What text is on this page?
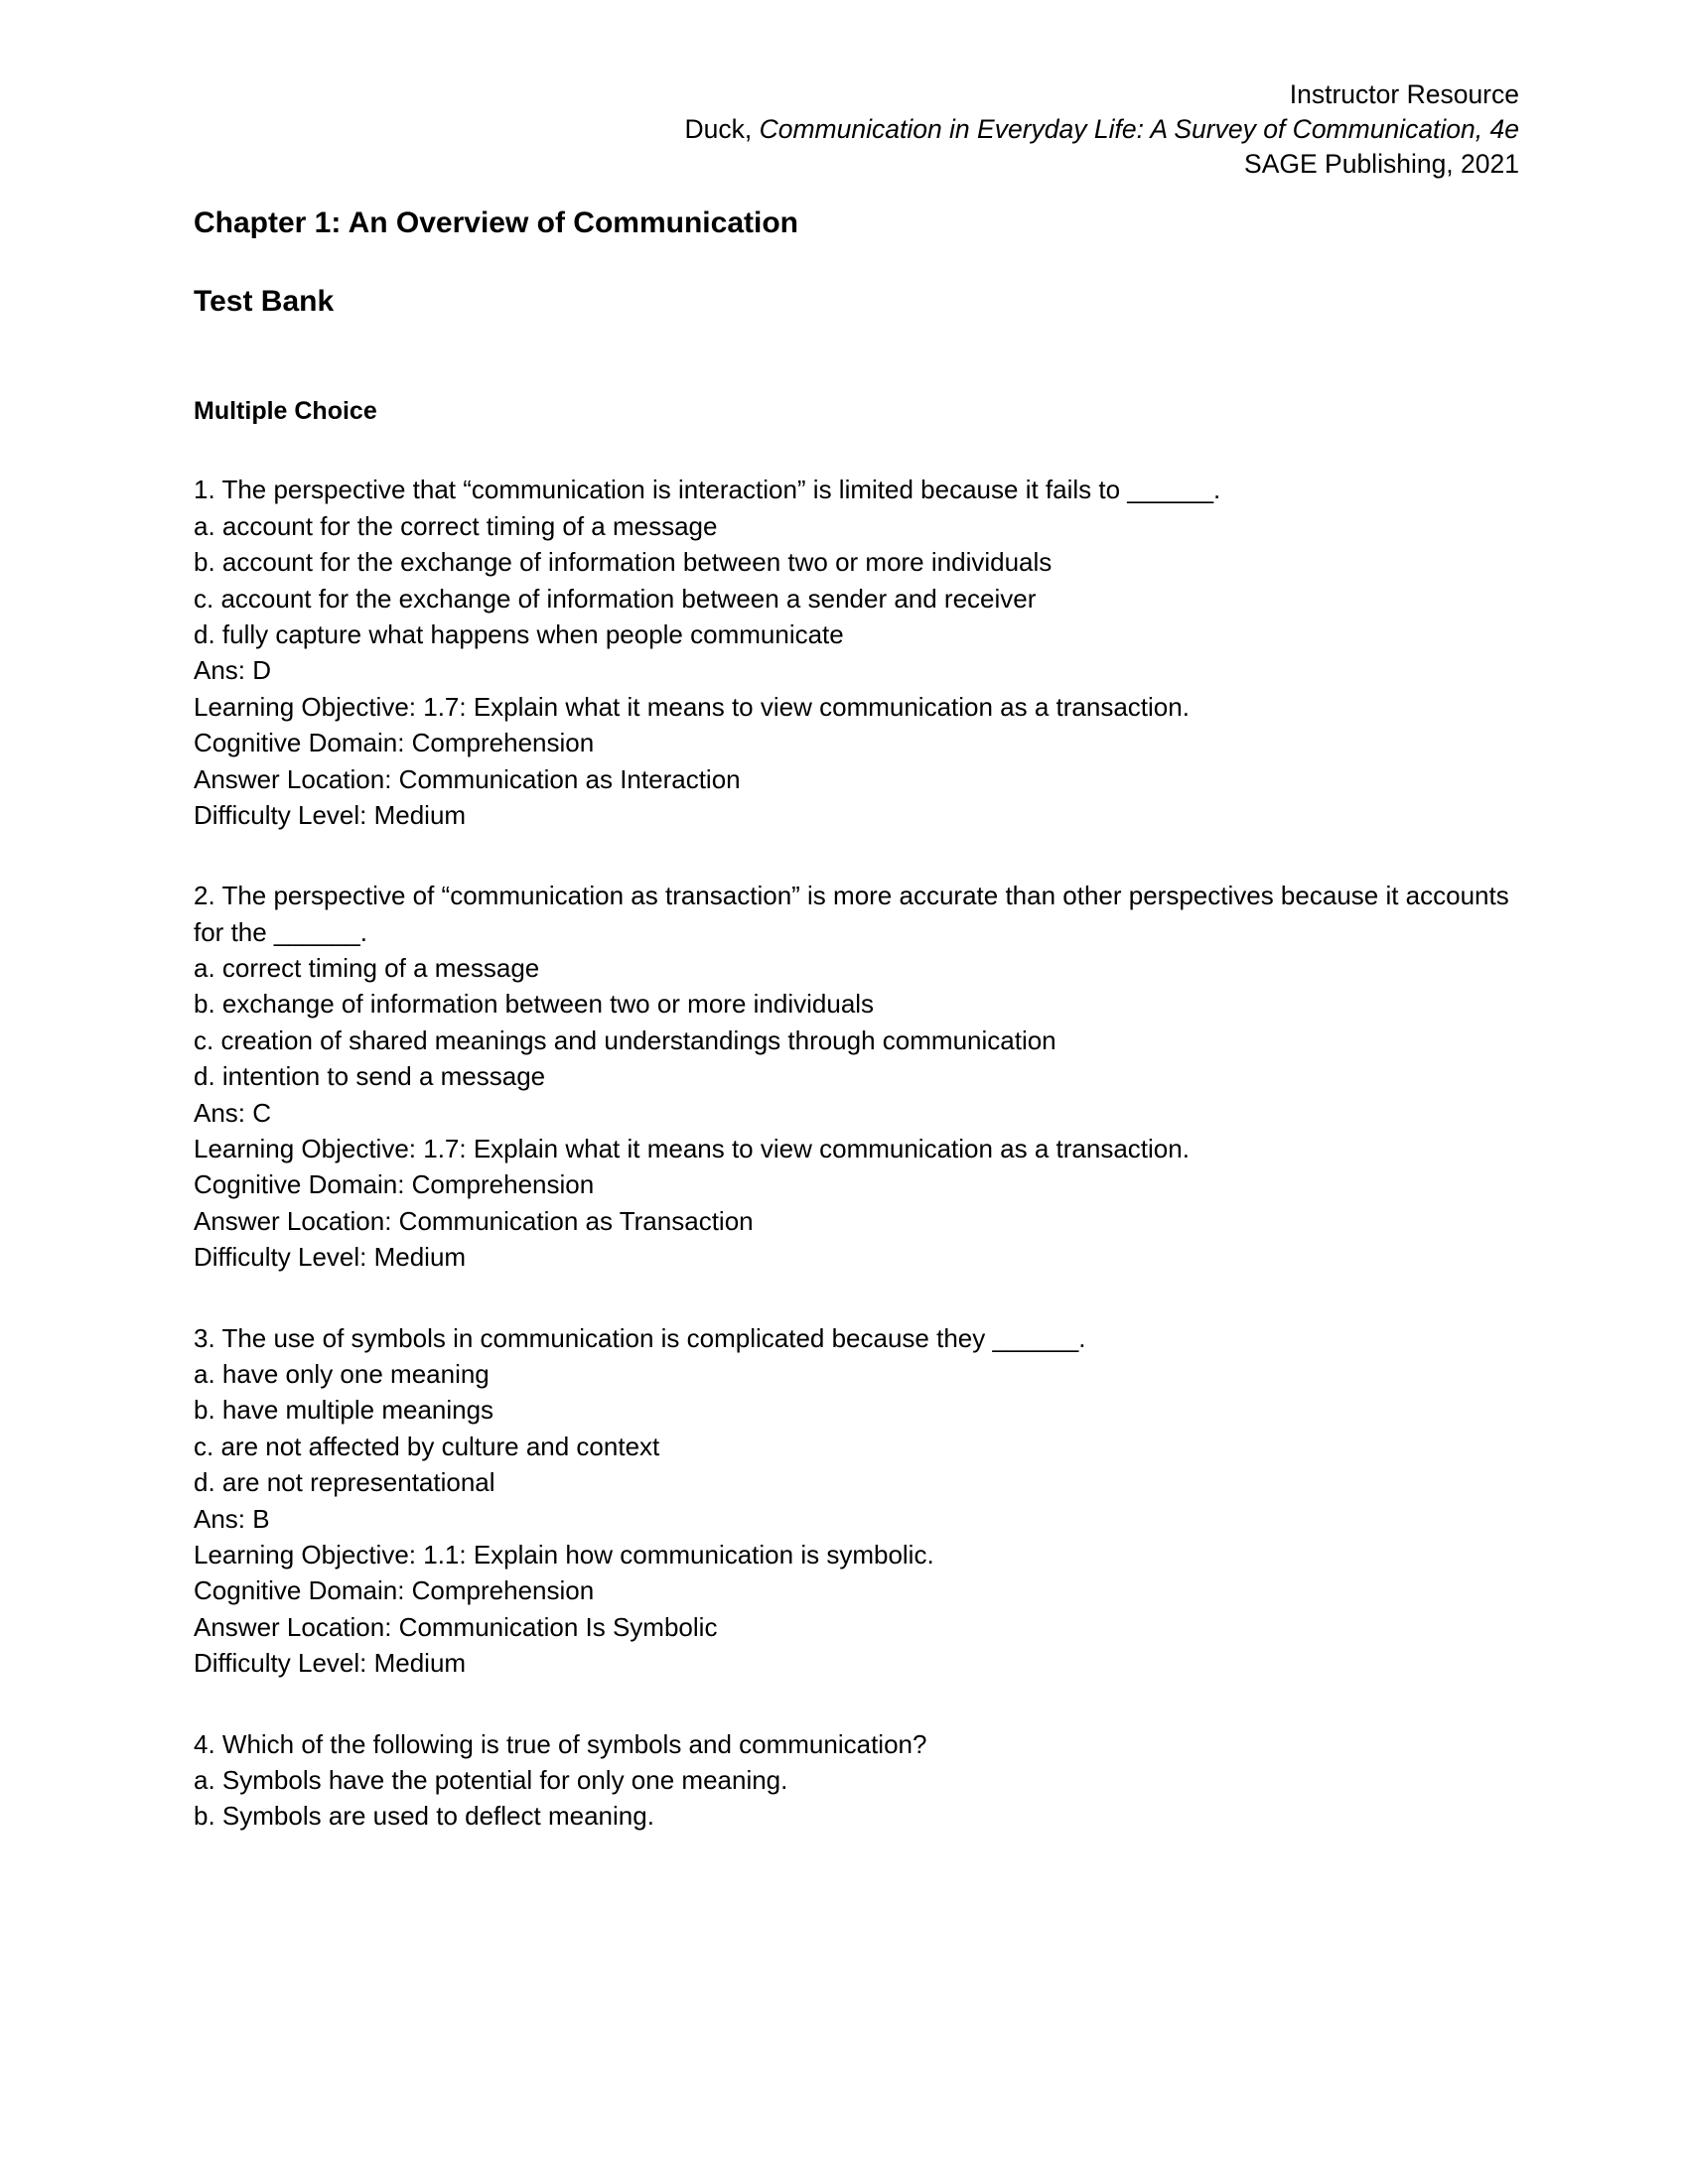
Instructor Resource
Duck, Communication in Everyday Life: A Survey of Communication, 4e
SAGE Publishing, 2021
Chapter 1: An Overview of Communication
Test Bank
Multiple Choice

1. The perspective that “communication is interaction” is limited because it fails to ______.

a. account for the correct timing of a message

b. account for the exchange of information between two or more individuals

c. account for the exchange of information between a sender and receiver

d. fully capture what happens when people communicate

Ans: D

Learning Objective: 1.7: Explain what it means to view communication as a transaction.

Cognitive Domain: Comprehension

Answer Location: Communication as Interaction

Difficulty Level: Medium

2. The perspective of “communication as transaction” is more accurate than other perspectives because it accounts for the ______.

a. correct timing of a message

b. exchange of information between two or more individuals

c. creation of shared meanings and understandings through communication

d. intention to send a message

Ans: C

Learning Objective: 1.7: Explain what it means to view communication as a transaction.

Cognitive Domain: Comprehension

Answer Location: Communication as Transaction

Difficulty Level: Medium

3. The use of symbols in communication is complicated because they ______.

a. have only one meaning

b. have multiple meanings

c. are not affected by culture and context

d. are not representational

Ans: B

Learning Objective: 1.1: Explain how communication is symbolic.

Cognitive Domain: Comprehension

Answer Location: Communication Is Symbolic

Difficulty Level: Medium

4. Which of the following is true of symbols and communication?

a. Symbols have the potential for only one meaning.

b. Symbols are used to deflect meaning.
